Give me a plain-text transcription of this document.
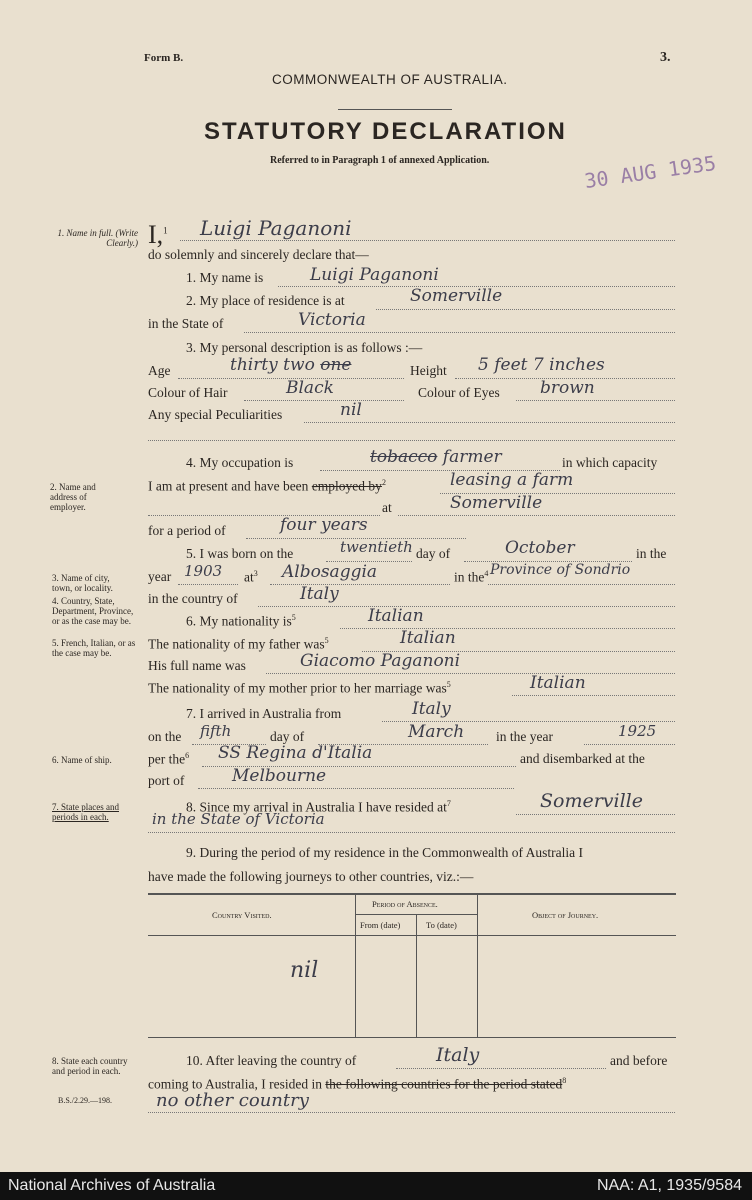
Form B.	3.
COMMONWEALTH OF AUSTRALIA.
STATUTORY DECLARATION
Referred to in Paragraph 1 of annexed Application.	30 AUG 1935
1. Name in full. (Write Clearly.)
2. Name and address of employer.
3. Name of city, town, or locality.
4. Country, State, Department, Province, or as the case may be.
5. French, Italian, or as the case may be.
6. Name of ship.
7. State places and periods in each.
8. State each country and period in each.
B.S./2.29.—198.
I,$^1$ Luigi Paganoni
do solemnly and sincerely declare that—
1. My name is	Luigi Paganoni
2. My place of residence is at	Somerville
in the State of	Victoria
3. My personal description is as follows :—
Age	thirty two one	Height 5 feet 7 inches
Colour of Hair	Black	Colour of Eyes brown
Any special Peculiarities	nil
4. My occupation is	tobacco farmer	in which capacity
I am at present and have been employed $by^2$	leasing a farm
at	Somerville
for a period of	four years
5. I was born on the	twentieth day of	October	in the
year 1903 $at^3$ Albosaggia	in the$^4$ Province of Sondrio
in the country of	Italy
6. My nationality $is^5$	Italian
The nationality of my father was$^5$	Italian
His full name was	Giacomo Paganoni
The nationality of my mother prior to her marriage was$^5$	Italian
7. I arrived in Australia from	Italy
on the fifth	day of	March in the year	1925
per the$^6$ SS Regina d'Italia	and disembarked at the
port of	Melbourne
8. Since my arrival in Australia I have resided $at^7$	Somerville
in the State of Victoria
9. During the period of my residence in the Commonwealth of Australia I
have made the following journeys to other countries, viz.:—
Country Visited.
Period of Absence.
From (date)	To (date)
Object of Journey.
nil
10. After leaving the country of	Italy	and before
coming to Australia, I resided in the following countries for the period stated$^8$
no other country
National Archives of Australia	NAA: A1, 1935/9584
